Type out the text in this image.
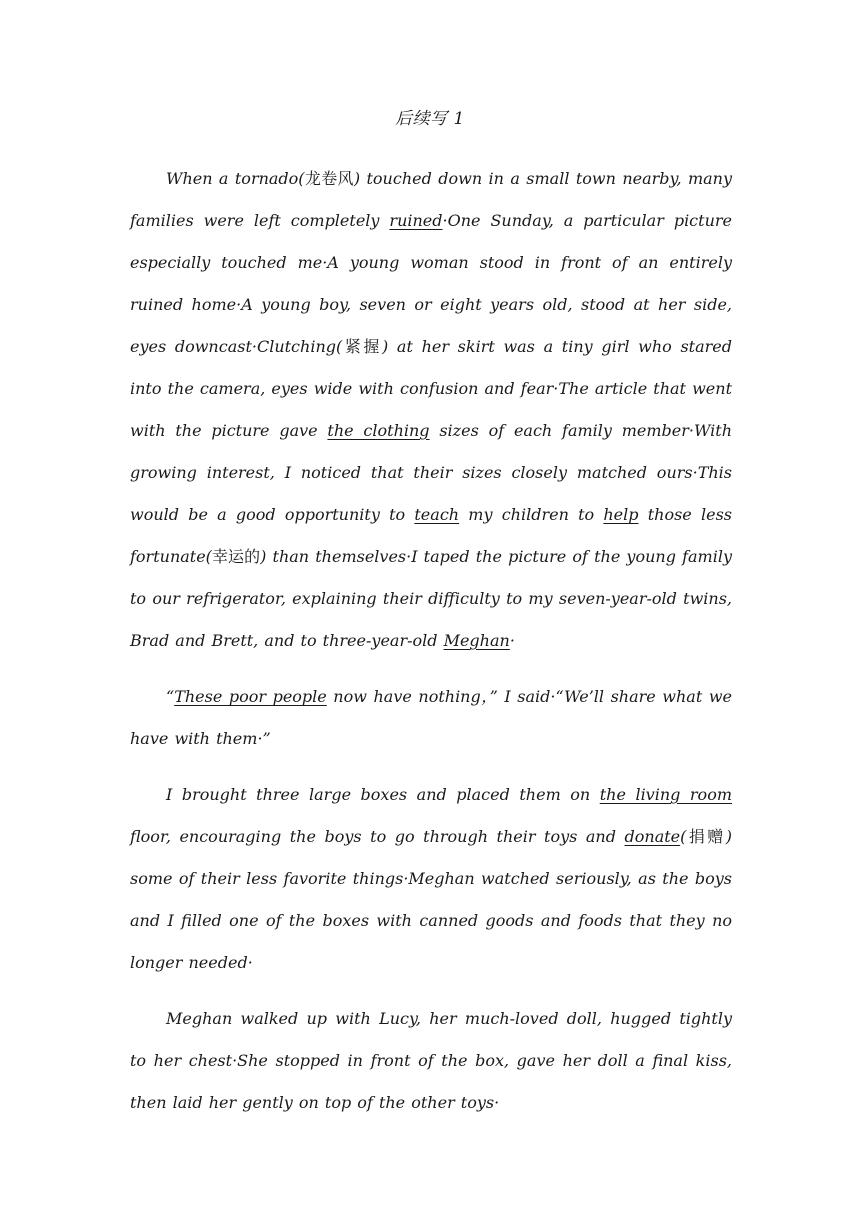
后续写 1

When a tornado(龙卷风) touched down in a small town nearby, many families were left completely ruined·One Sunday, a particular picture especially touched me·A young woman stood in front of an entirely ruined home·A young boy, seven or eight years old, stood at her side, eyes downcast·Clutching(紧握) at her skirt was a tiny girl who stared into the camera, eyes wide with confusion and fear·The article that went with the picture gave the clothing sizes of each family member·With growing interest, I noticed that their sizes closely matched ours·This would be a good opportunity to teach my children to help those less fortunate(幸运的) than themselves·I taped the picture of the young family to our refrigerator, explaining their difficulty to my seven-year-old twins, Brad and Brett, and to three-year-old Meghan·

“These poor people now have nothing，” I said·“We’ll share what we have with them·”

I brought three large boxes and placed them on the living room floor, encouraging the boys to go through their toys and donate(捐赠) some of their less favorite things·Meghan watched seriously, as the boys and I filled one of the boxes with canned goods and foods that they no longer needed·

Meghan walked up with Lucy, her much-loved doll, hugged tightly to her chest·She stopped in front of the box, gave her doll a final kiss, then laid her gently on top of the other toys·
